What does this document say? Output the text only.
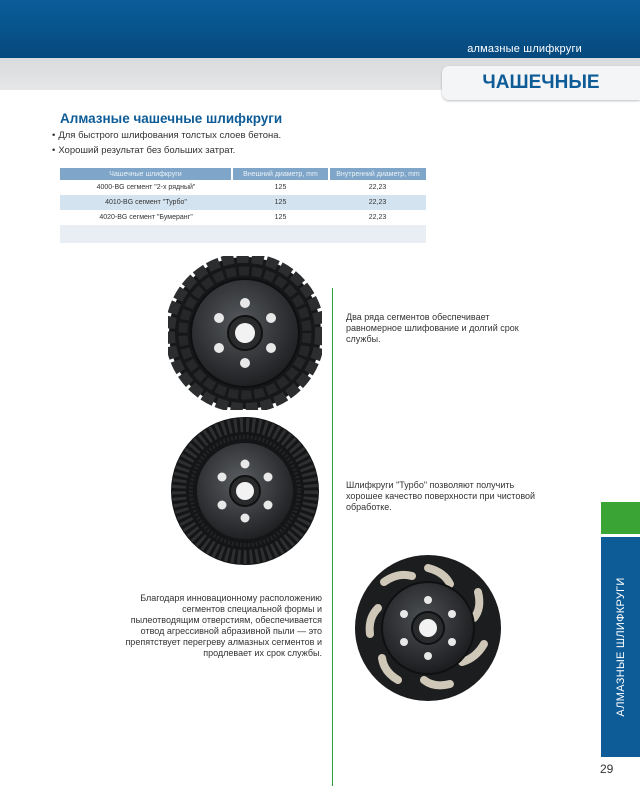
алмазные шлифкруги
ЧАШЕЧНЫЕ
Алмазные чашечные шлифкруги
• Для быстрого шлифования толстых слоев бетона.
• Хороший результат без больших затрат.
Чашечные шлифкруги	Внешний диаметр, mm	Внутренний диаметр, mm
4000-BG сегмент "2-х рядный"	125	22,23
4010-BG сегмент "Турбо"	125	22,23
4020-BG сегмент "Бумеранг"	125	22,23

Два ряда сегментов обеспечивает равномерное шлифование и долгий срок службы.
Шлифкруги "Турбо" позволяют получить хорошее качество поверхности при чистовой обработке.
Благодаря инновационному расположению сегментов специальной формы и пылеотводящим отверстиям, обеспечивается отвод агрессивной абразивной пыли — это препятствует перегреву алмазных сегментов и продлевает их срок службы.	АЛМАЗНЫЕ ШЛИФКРУГИ
29
